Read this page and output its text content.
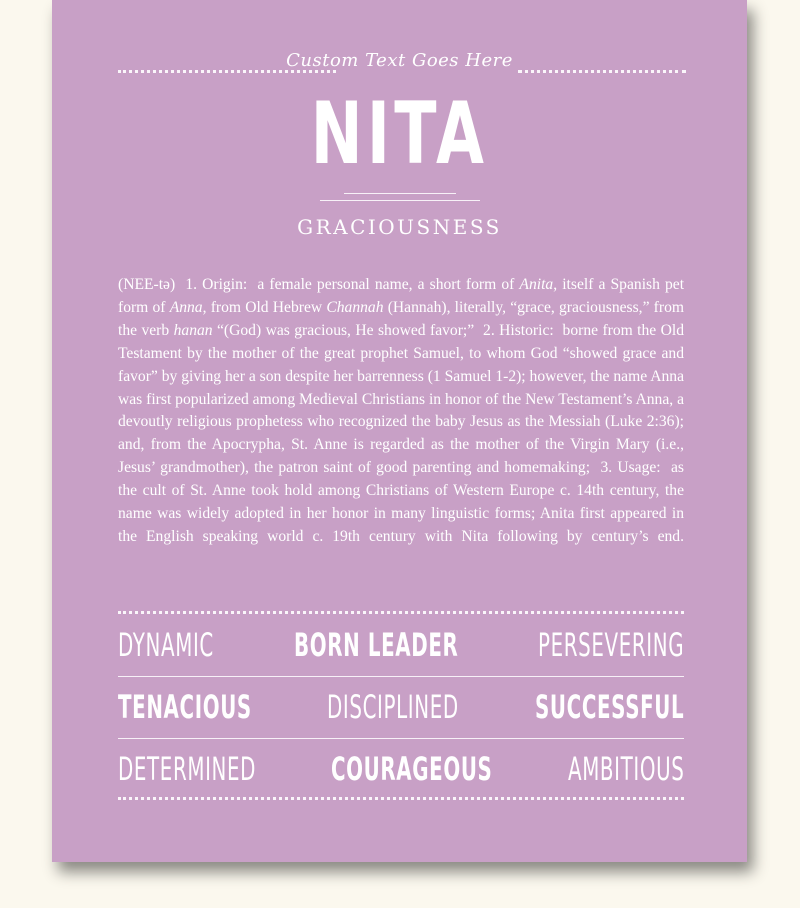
Custom Text Goes Here
NITA
GRACIOUSNESS

(NEE-tə) 1. Origin: a female personal name, a short form of Anita, itself a Spanish pet form of Anna, from Old Hebrew Channah (Hannah), literally, “grace, graciousness,” from the verb hanan “(God) was gracious, He showed favor;” 2. Historic: borne from the Old Testament by the mother of the great prophet Samuel, to whom God “showed grace and favor” by giving her a son despite her barrenness (1 Samuel 1-2); however, the name Anna was first popularized among Medieval Christians in honor of the New Testament’s Anna, a devoutly religious prophetess who recognized the baby Jesus as the Messiah (Luke 2:36); and, from the Apocrypha, St. Anne is regarded as the mother of the Virgin Mary (i.e., Jesus’ grandmother), the patron saint of good parenting and homemaking; 3. Usage: as the cult of St. Anne took hold among Christians of Western Europe c. 14th century, the name was widely adopted in her honor in many linguistic forms; Anita first appeared in the English speaking world c. 19th century with Nita following by century’s end.

DYNAMIC BORN LEADER PERSEVERING
TENACIOUS DISCIPLINED SUCCESSFUL
DETERMINED COURAGEOUS AMBITIOUS
